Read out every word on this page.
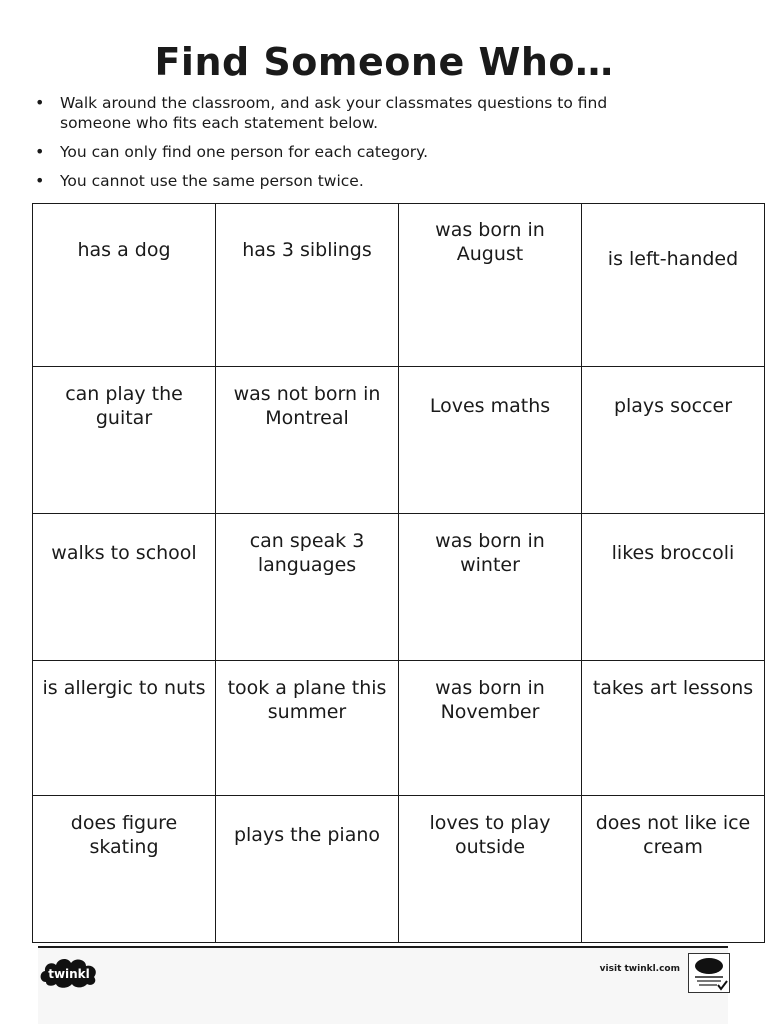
Find Someone Who…
• Walk around the classroom, and ask your classmates questions to find someone who fits each statement below.
• You can only find one person for each category.
• You cannot use the same person twice.
has a dog	has 3 siblings	was born in August	is left-handed

can play the guitar	was not born in Montreal	Loves maths	plays soccer

walks to school	can speak 3 languages	was born in winter	likes broccoli

is allergic to nuts	took a plane this summer	was born in November	takes art lessons

does figure skating	plays the piano	loves to play outside	does not like ice cream
twinkl	visit twinkl.com
